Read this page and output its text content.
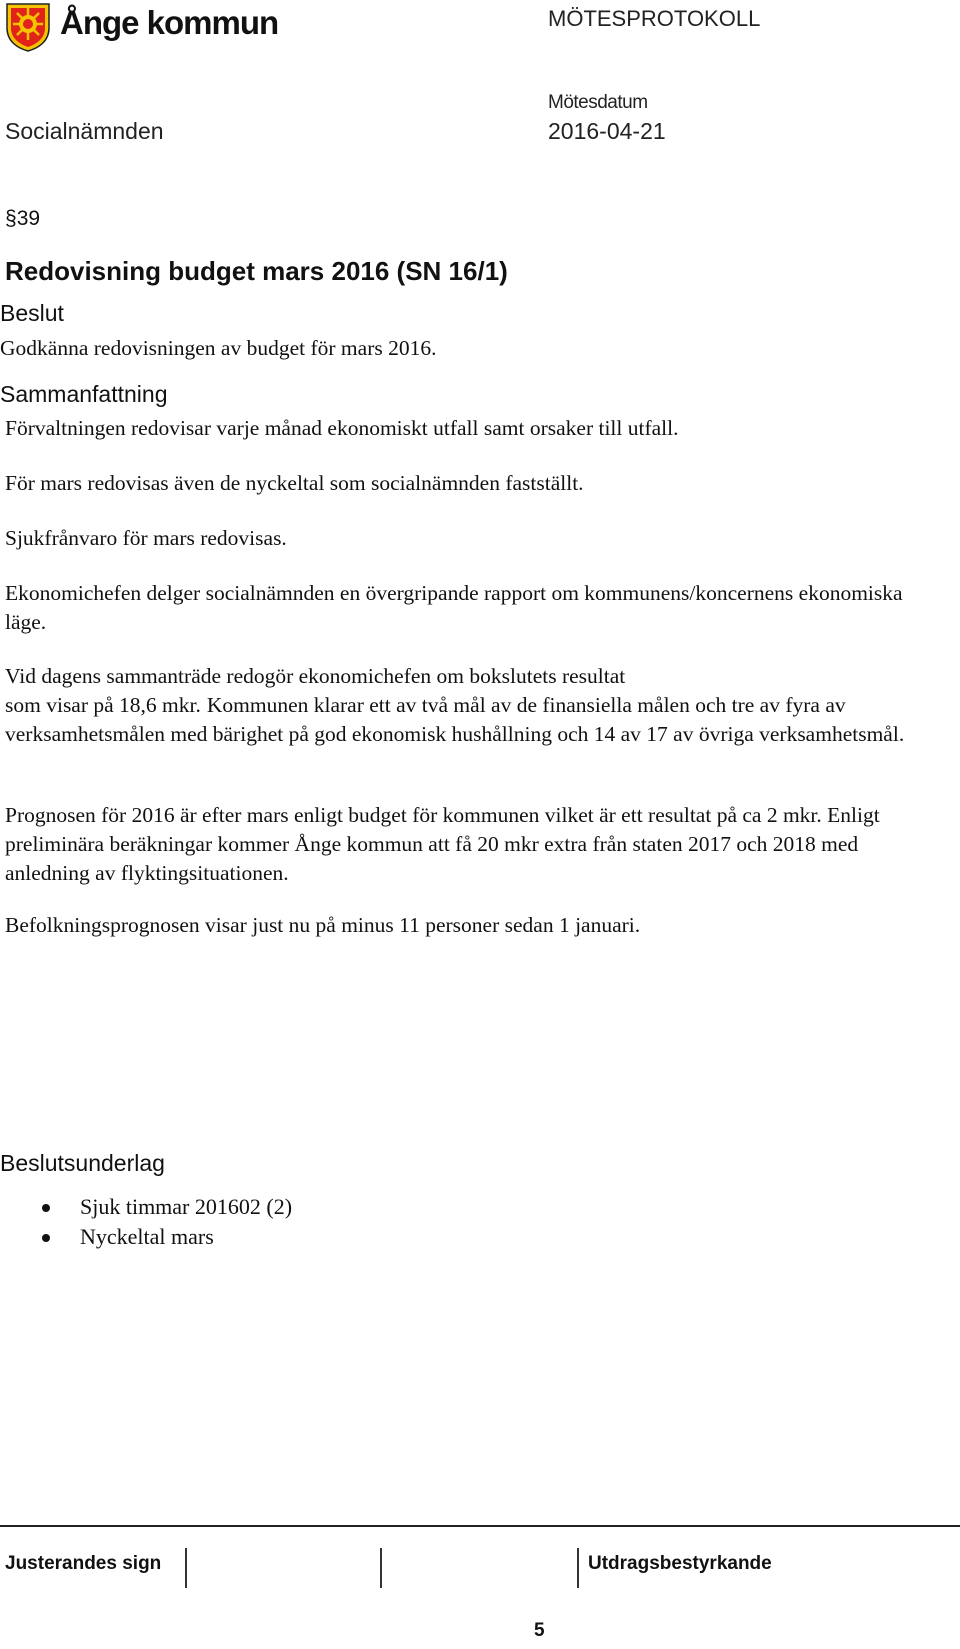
Ånge kommun	MÖTESPROTOKOLL
Mötesdatum
Socialnämnden	2016-04-21
§39
Redovisning budget mars 2016 (SN 16/1)
Beslut
Godkänna redovisningen av budget för mars 2016.
Sammanfattning

Förvaltningen redovisar varje månad ekonomiskt utfall samt orsaker till utfall.

För mars redovisas även de nyckeltal som socialnämnden fastställt.

Sjukfrånvaro för mars redovisas.

Ekonomichefen delger socialnämnden en övergripande rapport om kommunens/koncernens ekonomiska läge.

Vid dagens sammanträde redogör ekonomichefen om bokslutets resultat

som visar på 18,6 mkr. Kommunen klarar ett av två mål av de finansiella målen och tre av fyra av verksamhetsmålen med bärighet på god ekonomisk hushållning och 14 av 17 av övriga verksamhetsmål.

Prognosen för 2016 är efter mars enligt budget för kommunen vilket är ett resultat på ca 2 mkr. Enligt preliminära beräkningar kommer Ånge kommun att få 20 mkr extra från staten 2017 och 2018 med anledning av flyktingsituationen.

Befolkningsprognosen visar just nu på minus 11 personer sedan 1 januari.

Beslutsunderlag
Sjuk timmar 201602 (2)
Nyckeltal mars
Justerandes sign	Utdragsbestyrkande
5
